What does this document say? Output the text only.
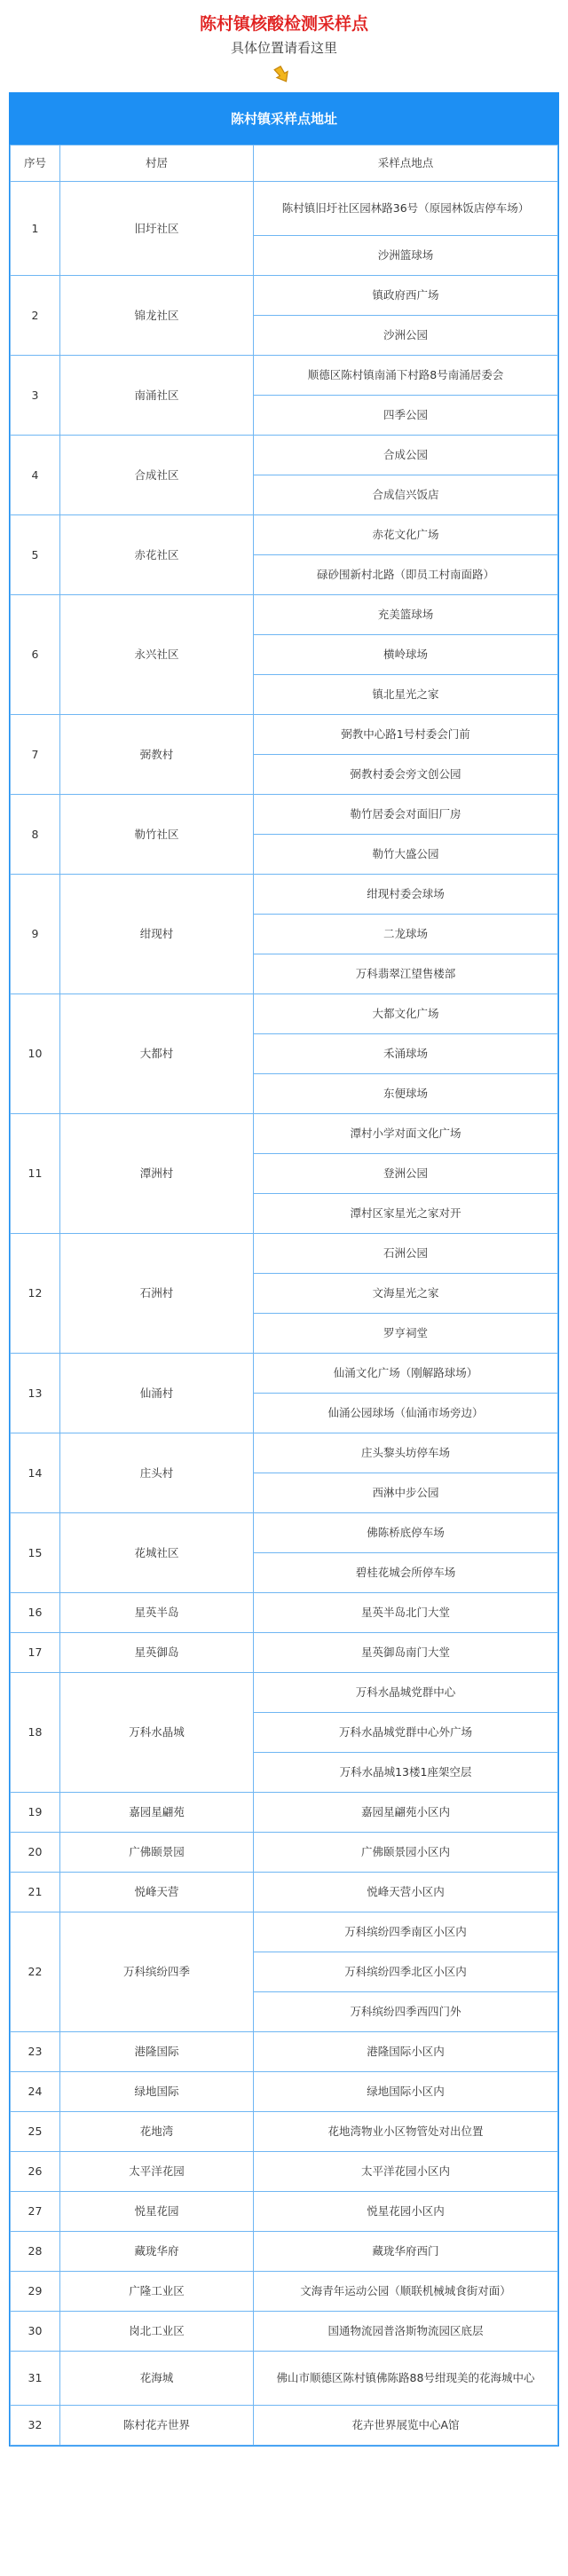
陈村镇核酸检测采样点
具体位置请看这里
陈村镇采样点地址
序号	村居	采样点地点
1	旧圩社区	陈村镇旧圩社区园林路36号（原园林饭店停车场）
		沙洲篮球场
2	锦龙社区	镇政府西广场
		沙洲公园
3	南涌社区	顺德区陈村镇南涌下村路8号南涌居委会
		四季公园
4	合成社区	合成公园
		合成信兴饭店
5	赤花社区	赤花文化广场
		碌砂围新村北路（即员工村南面路）
6	永兴社区	充美篮球场
		横岭球场
		镇北星光之家
7	弼教村	弼教中心路1号村委会门前
		弼教村委会旁文创公园
8	勒竹社区	勒竹居委会对面旧厂房
		勒竹大盛公园
9	绀现村	绀现村委会球场
		二龙球场
		万科翡翠江望售楼部
10	大都村	大都文化广场
		禾涌球场
		东便球场
11	潭洲村	潭村小学对面文化广场
		登洲公园
		潭村区家星光之家对开
12	石洲村	石洲公园
		文海星光之家
		罗亨祠堂
13	仙涌村	仙涌文化广场（刚解路球场）
		仙涌公园球场（仙涌市场旁边）
14	庄头村	庄头黎头坊停车场
		西淋中步公园
15	花城社区	佛陈桥底停车场
		碧桂花城会所停车场
16	星英半岛	星英半岛北门大堂
17	星英御岛	星英御岛南门大堂
18	万科水晶城	万科水晶城党群中心
		万科水晶城党群中心外广场
		万科水晶城13楼1座架空层
19	嘉园星翩苑	嘉园星翩苑小区内
20	广佛颐景园	广佛颐景园小区内
21	悦峰天营	悦峰天营小区内
22	万科缤纷四季	万科缤纷四季南区小区内
		万科缤纷四季北区小区内
		万科缤纷四季西四门外
23	港隆国际	港隆国际小区内
24	绿地国际	绿地国际小区内
25	花地湾	花地湾物业小区物管处对出位置
26	太平洋花园	太平洋花园小区内
27	悦星花园	悦星花园小区内
28	藏珑华府	藏珑华府西门
29	广隆工业区	文海青年运动公园（顺联机械城食街对面）
30	岗北工业区	国通物流园普洛斯物流园区底层
31	花海城	佛山市顺德区陈村镇佛陈路88号绀现美的花海城中心
32	陈村花卉世界	花卉世界展览中心A馆
